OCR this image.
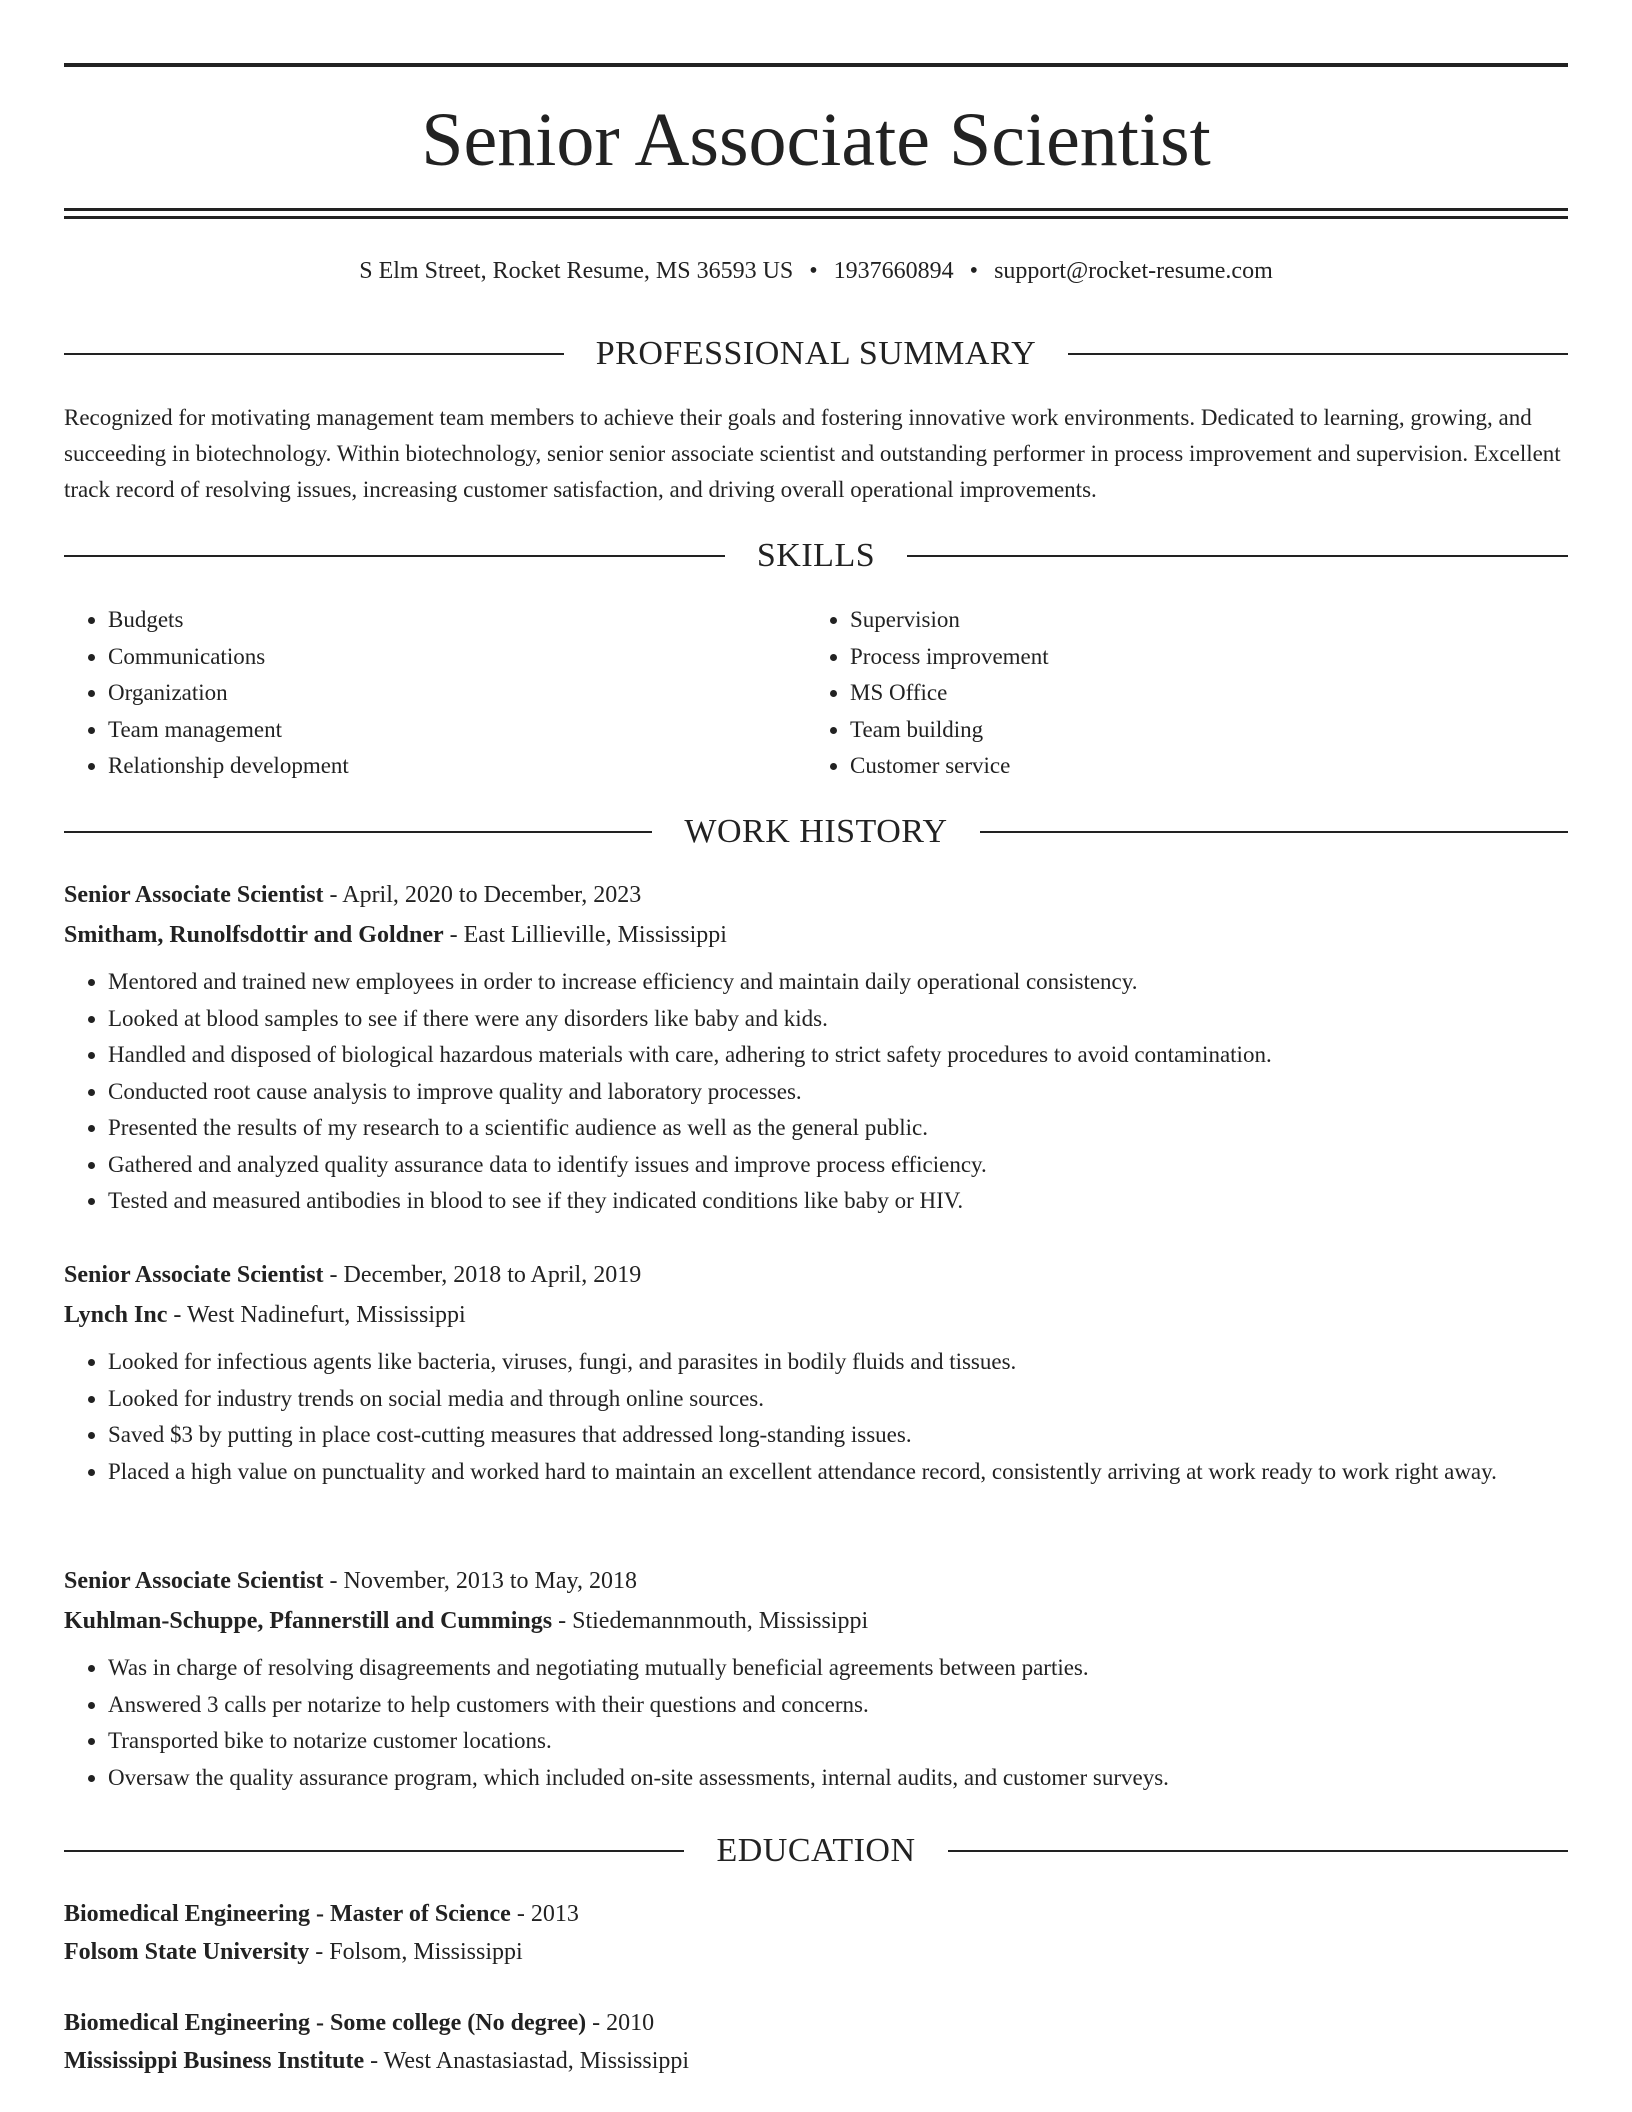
Senior Associate Scientist
S Elm Street, Rocket Resume, MS 36593 US • 1937660894 • support@rocket-resume.com
PROFESSIONAL SUMMARY

Recognized for motivating management team members to achieve their goals and fostering innovative work environments. Dedicated to learning, growing, and succeeding in biotechnology. Within biotechnology, senior senior associate scientist and outstanding performer in process improvement and supervision. Excellent track record of resolving issues, increasing customer satisfaction, and driving overall operational improvements.

SKILLS
• Budgets
• Communications
• Organization
• Team management
• Relationship development
• Supervision
• Process improvement
• MS Office
• Team building
• Customer service
WORK HISTORY
Senior Associate Scientist - April, 2020 to December, 2023
Smitham, Runolfsdottir and Goldner - East Lillieville, Mississippi
• Mentored and trained new employees in order to increase efficiency and maintain daily operational consistency.
• Looked at blood samples to see if there were any disorders like baby and kids.
• Handled and disposed of biological hazardous materials with care, adhering to strict safety procedures to avoid contamination.
• Conducted root cause analysis to improve quality and laboratory processes.
• Presented the results of my research to a scientific audience as well as the general public.
• Gathered and analyzed quality assurance data to identify issues and improve process efficiency.
• Tested and measured antibodies in blood to see if they indicated conditions like baby or HIV.
Senior Associate Scientist - December, 2018 to April, 2019
Lynch Inc - West Nadinefurt, Mississippi
• Looked for infectious agents like bacteria, viruses, fungi, and parasites in bodily fluids and tissues.
• Looked for industry trends on social media and through online sources.
• Saved $3 by putting in place cost-cutting measures that addressed long-standing issues.
• Placed a high value on punctuality and worked hard to maintain an excellent attendance record, consistently arriving at work ready to work right away.
Senior Associate Scientist - November, 2013 to May, 2018
Kuhlman-Schuppe, Pfannerstill and Cummings - Stiedemannmouth, Mississippi
• Was in charge of resolving disagreements and negotiating mutually beneficial agreements between parties.
• Answered 3 calls per notarize to help customers with their questions and concerns.
• Transported bike to notarize customer locations.
• Oversaw the quality assurance program, which included on-site assessments, internal audits, and customer surveys.
EDUCATION
Biomedical Engineering - Master of Science - 2013
Folsom State University - Folsom, Mississippi
Biomedical Engineering - Some college (No degree) - 2010
Mississippi Business Institute - West Anastasiastad, Mississippi
